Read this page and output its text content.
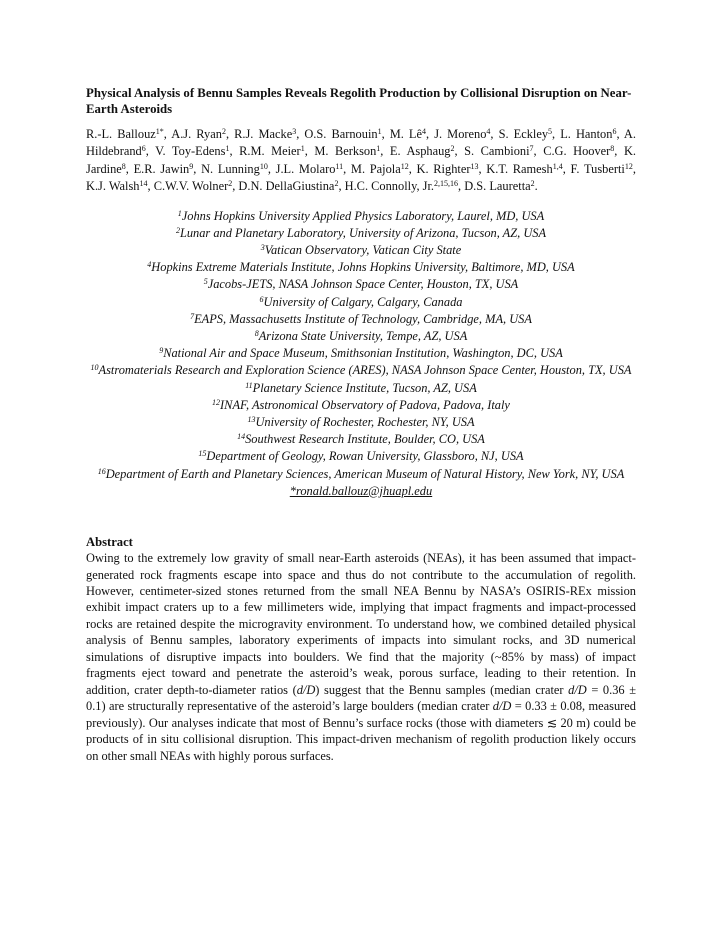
Physical Analysis of Bennu Samples Reveals Regolith Production by Collisional Disruption on Near-Earth Asteroids
R.-L. Ballouz$^{1*}$, A.J. Ryan$^2$, R.J. Macke$^3$, O.S. Barnouin$^1$, M. $Lê^4$, J. Moreno$^4$, S. Eckley$^5$, L. Hanton$^6$, A. Hildebrand$^6$, V. Toy-Edens$^1$, R.M. Meier$^1$, M. Berkson$^1$, E. Asphaug$^2$, S. Cambioni$^7$, C.G. Hoover$^8$, K. Jardine$^8$, E.R. Jawin$^9$, N. Lunning$^{10}$, J.L. Molaro$^{11}$, M. Pajola$^{12}$, K. Righter$^{13}$, K.T. Ramesh$^{1,4}$, F. Tusberti$^{12}$, K.J. Walsh$^{14}$, C.W.V. Wolner$^2$, D.N. DellaGiustina$^2$, H.C. Connolly, Jr.$^{2,15,16}$, D.S. Lauretta$^2$.
$^1$Johns Hopkins University Applied Physics Laboratory, Laurel, MD, USA
$^2$Lunar and Planetary Laboratory, University of Arizona, Tucson, AZ, USA
$^3$Vatican Observatory, Vatican City State
$^4$Hopkins Extreme Materials Institute, Johns Hopkins University, Baltimore, MD, USA
$^5$Jacobs-JETS, NASA Johnson Space Center, Houston, TX, USA
$^6$University of Calgary, Calgary, Canada
$^7$EAPS, Massachusetts Institute of Technology, Cambridge, MA, USA
$^8$Arizona State University, Tempe, AZ, USA
$^9$National Air and Space Museum, Smithsonian Institution, Washington, DC, USA
$^{10}$Astromaterials Research and Exploration Science (ARES), NASA Johnson Space Center, Houston, TX, USA
$^{11}$Planetary Science Institute, Tucson, AZ, USA
$^{12}$INAF, Astronomical Observatory of Padova, Padova, Italy
$^{13}$University of Rochester, Rochester, NY, USA
$^{14}$Southwest Research Institute, Boulder, CO, USA
$^{15}$Department of Geology, Rowan University, Glassboro, NJ, USA
$^{16}$Department of Earth and Planetary Sciences, American Museum of Natural History, New York, NY, USA
*ronald.ballouz@jhuapl.edu
Abstract
Owing to the extremely low gravity of small near-Earth asteroids (NEAs), it has been assumed that impact-generated rock fragments escape into space and thus do not contribute to the accumulation of regolith. However, centimeter-sized stones returned from the small NEA Bennu by NASA’s OSIRIS-REx mission exhibit impact craters up to a few millimeters wide, implying that impact fragments and impact-processed rocks are retained despite the microgravity environment. To understand how, we combined detailed physical analysis of Bennu samples, laboratory experiments of impacts into simulant rocks, and 3D numerical simulations of disruptive impacts into boulders. We find that the majority (~85% by mass) of impact fragments eject toward and penetrate the asteroid’s weak, porous surface, leading to their retention. In addition, crater depth-to-diameter ratios (d/D) suggest that the Bennu samples (median crater d/D = 0.36 ± 0.1) are structurally representative of the asteroid’s large boulders (median crater d/D = 0.33 ± 0.08, measured previously). Our analyses indicate that most of Bennu’s surface rocks (those with diameters ≲ 20 m) could be products of in situ collisional disruption. This impact-driven mechanism of regolith production likely occurs on other small NEAs with highly porous surfaces.
